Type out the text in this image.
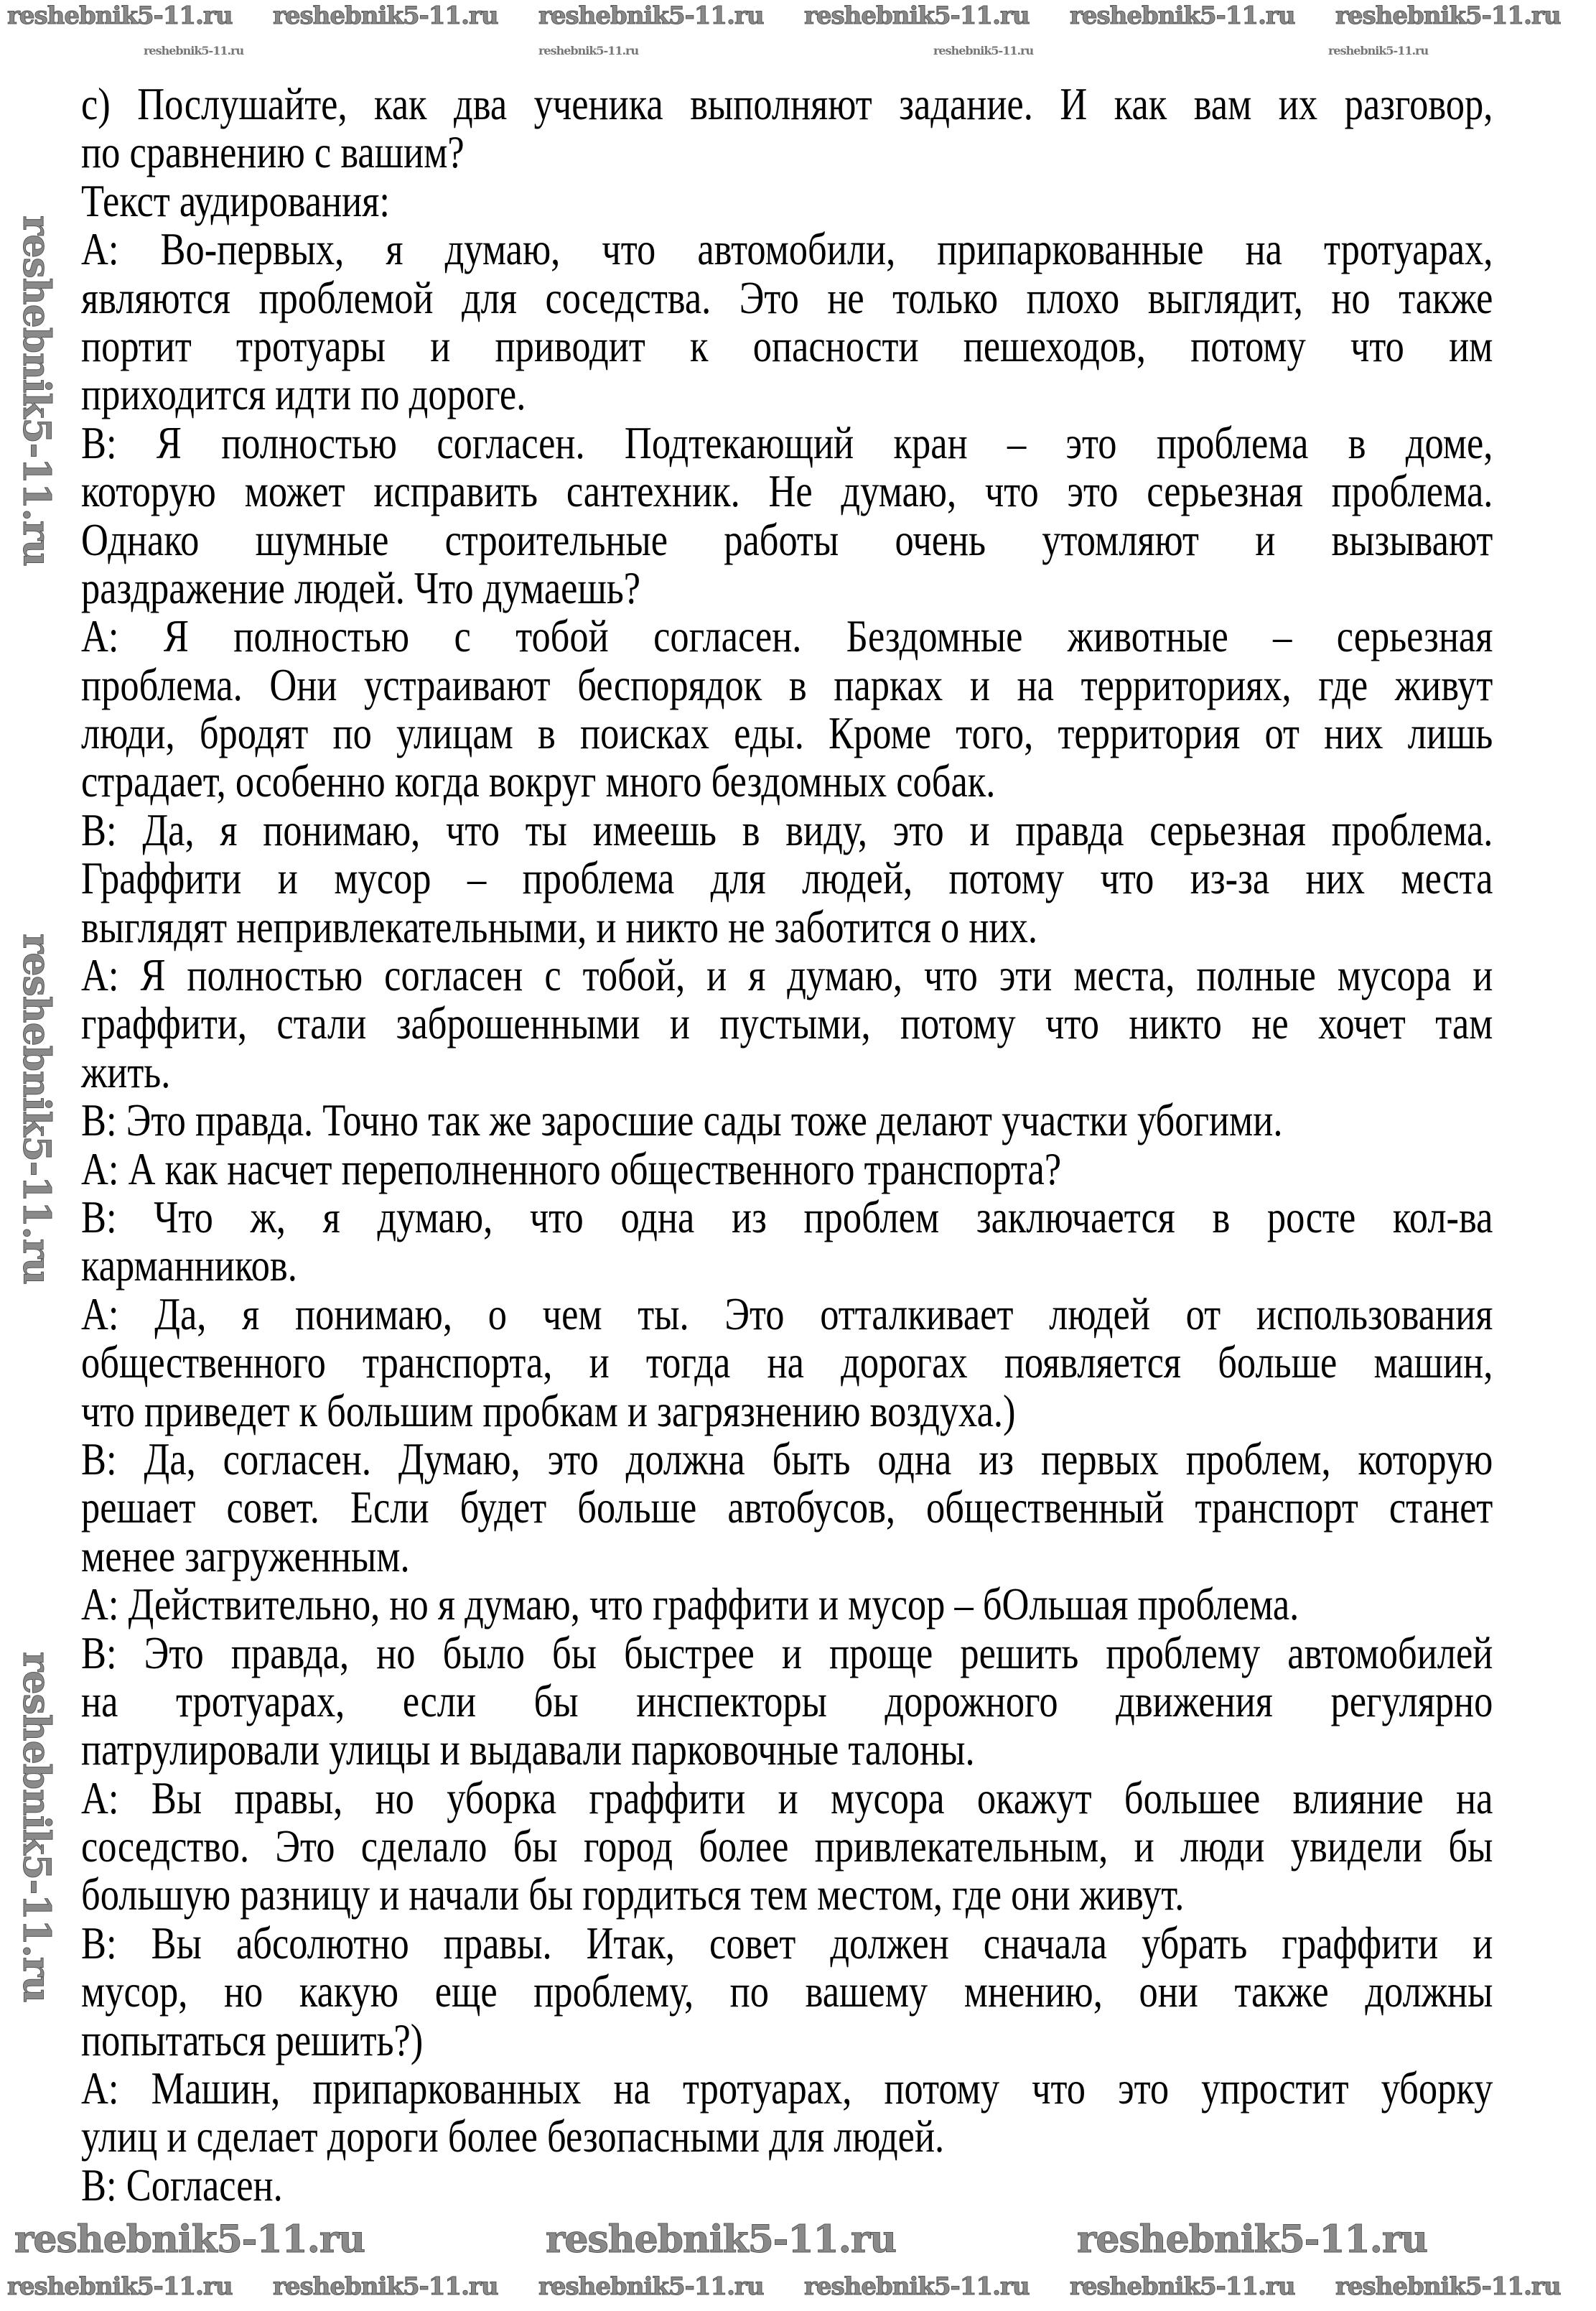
c) Послушайте, как два ученика выполняют задание. И как вам их разговор,
по сравнению с вашим?
Текст аудирования:
A: Во-первых, я думаю, что автомобили, припаркованные на тротуарах,
являются проблемой для соседства. Это не только плохо выглядит, но также
портит тротуары и приводит к опасности пешеходов, потому что им
приходится идти по дороге.
B: Я полностью согласен. Подтекающий кран – это проблема в доме,
которую может исправить сантехник. Не думаю, что это серьезная проблема.
Однако шумные строительные работы очень утомляют и вызывают
раздражение людей. Что думаешь?
A: Я полностью с тобой согласен. Бездомные животные – серьезная
проблема. Они устраивают беспорядок в парках и на территориях, где живут
люди, бродят по улицам в поисках еды. Кроме того, территория от них лишь
страдает, особенно когда вокруг много бездомных собак.
B: Да, я понимаю, что ты имеешь в виду, это и правда серьезная проблема.
Граффити и мусор – проблема для людей, потому что из-за них места
выглядят непривлекательными, и никто не заботится о них.
A: Я полностью согласен с тобой, и я думаю, что эти места, полные мусора и
граффити, стали заброшенными и пустыми, потому что никто не хочет там
жить.
B: Это правда. Точно так же заросшие сады тоже делают участки убогими.
A: А как насчет переполненного общественного транспорта?
B: Что ж, я думаю, что одна из проблем заключается в росте кол-ва
карманников.
A: Да, я понимаю, о чем ты. Это отталкивает людей от использования
общественного транспорта, и тогда на дорогах появляется больше машин,
что приведет к большим пробкам и загрязнению воздуха.)
B: Да, согласен. Думаю, это должна быть одна из первых проблем, которую
решает совет. Если будет больше автобусов, общественный транспорт станет
менее загруженным.
A: Действительно, но я думаю, что граффити и мусор – бОльшая проблема.
B: Это правда, но было бы быстрее и проще решить проблему автомобилей
на тротуарах, если бы инспекторы дорожного движения регулярно
патрулировали улицы и выдавали парковочные талоны.
A: Вы правы, но уборка граффити и мусора окажут большее влияние на
соседство. Это сделало бы город более привлекательным, и люди увидели бы
большую разницу и начали бы гордиться тем местом, где они живут.
B: Вы абсолютно правы. Итак, совет должен сначала убрать граффити и
мусор, но какую еще проблему, по вашему мнению, они также должны
попытаться решить?)
A: Машин, припаркованных на тротуарах, потому что это упростит уборку
улиц и сделает дороги более безопасными для людей.
B: Согласен.
reshebnik5-11.ru reshebnik5-11.ru reshebnik5-11.ru reshebnik5-11.ru reshebnik5-11.ru reshebnik5-11.ru
reshebnik5-11.ru	reshebnik5-11.ru	reshebnik5-11.ru	reshebnik5-11.ru
reshebnik5-11.ru
reshebnik5-11.ru
reshebnik5-11.ru
reshebnik5-11.ru	reshebnik5-11.ru	reshebnik5-11.ru
reshebnik5-11.ru reshebnik5-11.ru reshebnik5-11.ru reshebnik5-11.ru reshebnik5-11.ru reshebnik5-11.ru
